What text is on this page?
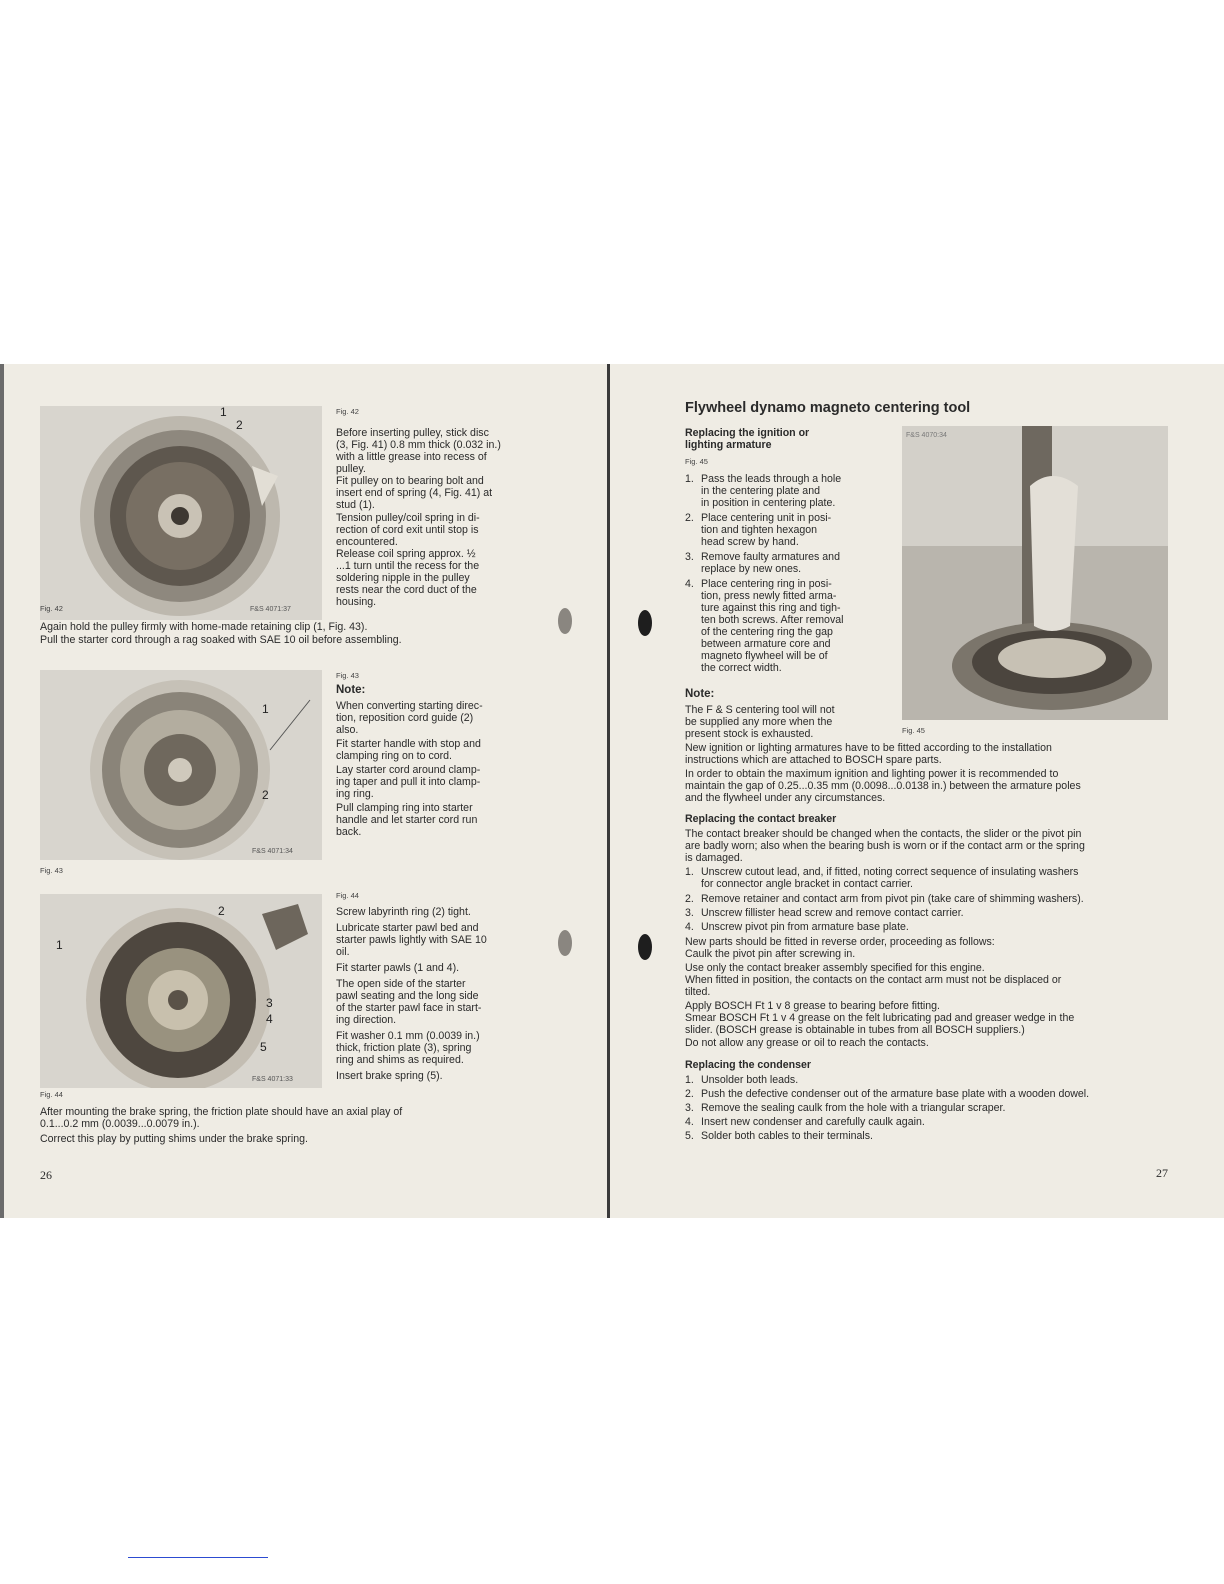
1
2
F&S 4071:37
Fig. 42
Fig. 42
Before inserting pulley, stick disc
(3, Fig. 41) 0.8 mm thick (0.032 in.)
with a little grease into recess of
pulley.
Fit pulley on to bearing bolt and
insert end of spring (4, Fig. 41) at
stud (1).
Tension pulley/coil spring in di-
rection of cord exit until stop is
encountered.
Release coil spring approx. ½
...1 turn until the recess for the
soldering nipple in the pulley
rests near the cord duct of the
housing.
Again hold the pulley firmly with home-made retaining clip (1, Fig. 43).
Pull the starter cord through a rag soaked with SAE 10 oil before assembling.
1
2
F&S 4071:34
Fig. 43
Fig. 43
Note:
When converting starting direc-
tion, reposition cord guide (2)
also.
Fit starter handle with stop and
clamping ring on to cord.
Lay starter cord around clamp-
ing taper and pull it into clamp-
ing ring.
Pull clamping ring into starter
handle and let starter cord run
back.
1
2
3
4
5
F&S 4071:33
Fig. 44
Fig. 44
Screw labyrinth ring (2) tight.
Lubricate starter pawl bed and
starter pawls lightly with SAE 10
oil.
Fit starter pawls (1 and 4).
The open side of the starter
pawl seating and the long side
of the starter pawl face in start-
ing direction.
Fit washer 0.1 mm (0.0039 in.)
thick, friction plate (3), spring
ring and shims as required.
Insert brake spring (5).
After mounting the brake spring, the friction plate should have an axial play of
0.1...0.2 mm (0.0039...0.0079 in.).
Correct this play by putting shims under the brake spring.
26
Flywheel dynamo magneto centering tool
Replacing the ignition or
lighting armature
Fig. 45
1. Pass the leads through a hole
in the centering plate and
in position in centering plate.
2. Place centering unit in posi-
tion and tighten hexagon
head screw by hand.
3. Remove faulty armatures and
replace by new ones.
4. Place centering ring in posi-
tion, press newly fitted arma-
ture against this ring and tigh-
ten both screws. After removal
of the centering ring the gap
between armature core and
magneto flywheel will be of
the correct width.
Note:
The F & S centering tool will not
be supplied any more when the
present stock is exhausted.
F&S 4070:34
Fig. 45
New ignition or lighting armatures have to be fitted according to the installation
instructions which are attached to BOSCH spare parts.
In order to obtain the maximum ignition and lighting power it is recommended to
maintain the gap of 0.25...0.35 mm (0.0098...0.0138 in.) between the armature poles
and the flywheel under any circumstances.
Replacing the contact breaker
The contact breaker should be changed when the contacts, the slider or the pivot pin
are badly worn; also when the bearing bush is worn or if the contact arm or the spring
is damaged.
1. Unscrew cutout lead, and, if fitted, noting correct sequence of insulating washers
for connector angle bracket in contact carrier.
2. Remove retainer and contact arm from pivot pin (take care of shimming washers).
3. Unscrew fillister head screw and remove contact carrier.
4. Unscrew pivot pin from armature base plate.
New parts should be fitted in reverse order, proceeding as follows:
Caulk the pivot pin after screwing in.
Use only the contact breaker assembly specified for this engine.
When fitted in position, the contacts on the contact arm must not be displaced or
tilted.
Apply BOSCH Ft 1 v 8 grease to bearing before fitting.
Smear BOSCH Ft 1 v 4 grease on the felt lubricating pad and greaser wedge in the
slider. (BOSCH grease is obtainable in tubes from all BOSCH suppliers.)
Do not allow any grease or oil to reach the contacts.
Replacing the condenser
1. Unsolder both leads.
2. Push the defective condenser out of the armature base plate with a wooden dowel.
3. Remove the sealing caulk from the hole with a triangular scraper.
4. Insert new condenser and carefully caulk again.
5. Solder both cables to their terminals.
27
